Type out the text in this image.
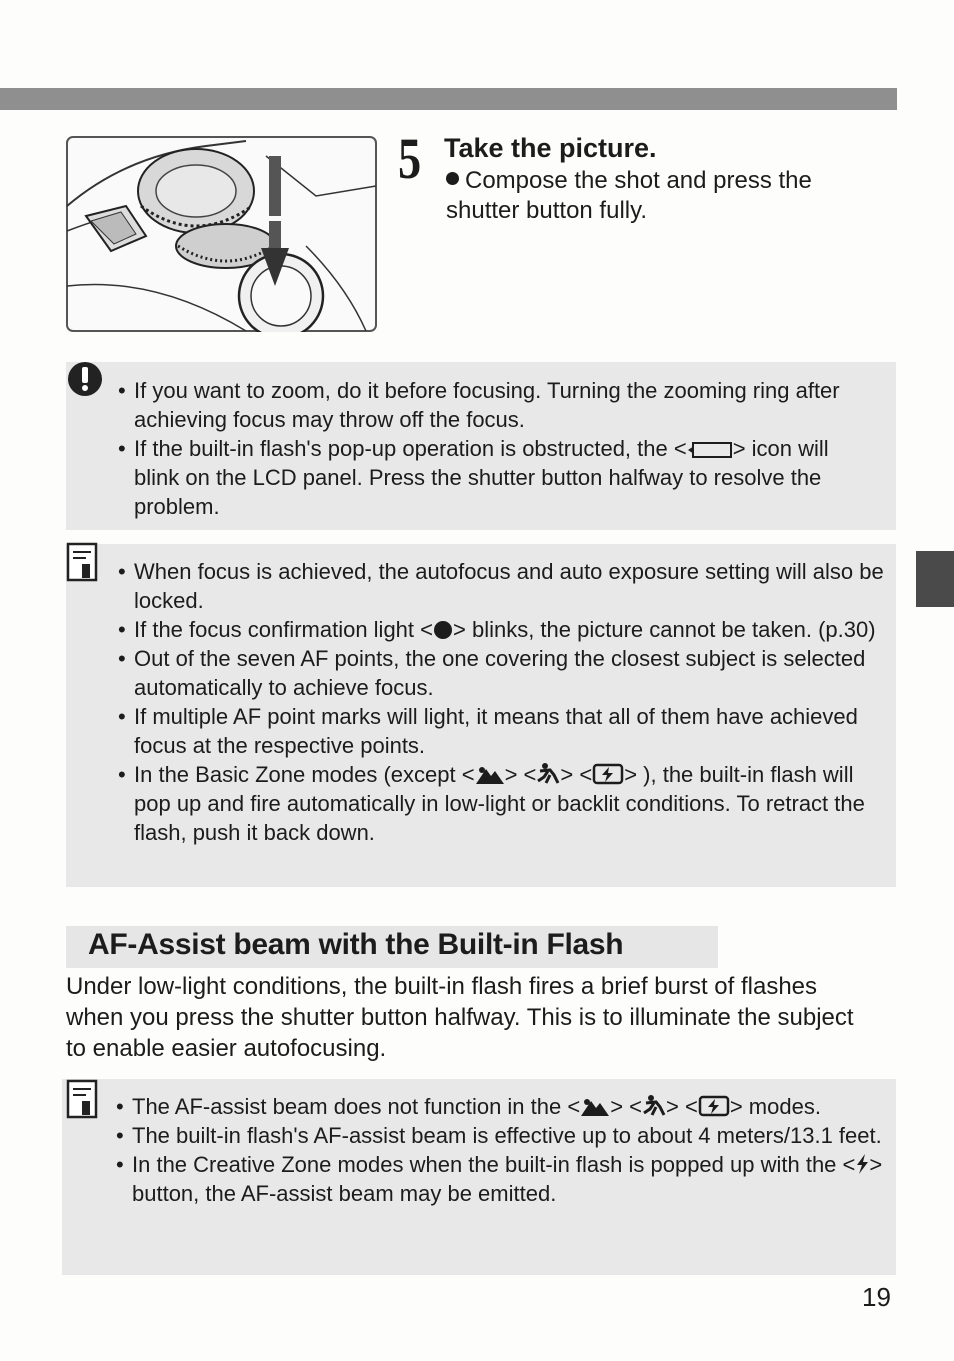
5 Take the picture.
Compose the shot and press the shutter button fully.
• If you want to zoom, do it before focusing. Turning the zooming ring after achieving focus may throw off the focus.
• If the built-in flash's pop-up operation is obstructed, the < > icon will blink on the LCD panel. Press the shutter button halfway to resolve the problem.
• When focus is achieved, the autofocus and auto exposure setting will also be locked.
• If the focus confirmation light < > blinks, the picture cannot be taken. (p.30)
• Out of the seven AF points, the one covering the closest subject is selected automatically to achieve focus.
• If multiple AF point marks will light, it means that all of them have achieved focus at the respective points.
• In the Basic Zone modes (except < > < > < > ), the built-in flash will pop up and fire automatically in low-light or backlit conditions. To retract the flash, push it back down.
AF-Assist beam with the Built-in Flash

Under low-light conditions, the built-in flash fires a brief burst of flashes when you press the shutter button halfway. This is to illuminate the subject to enable easier autofocusing.

• The AF-assist beam does not function in the < > < > < > modes.
• The built-in flash's AF-assist beam is effective up to about 4 meters/13.1 feet.
• In the Creative Zone modes when the built-in flash is popped up with the < > button, the AF-assist beam may be emitted.
19
